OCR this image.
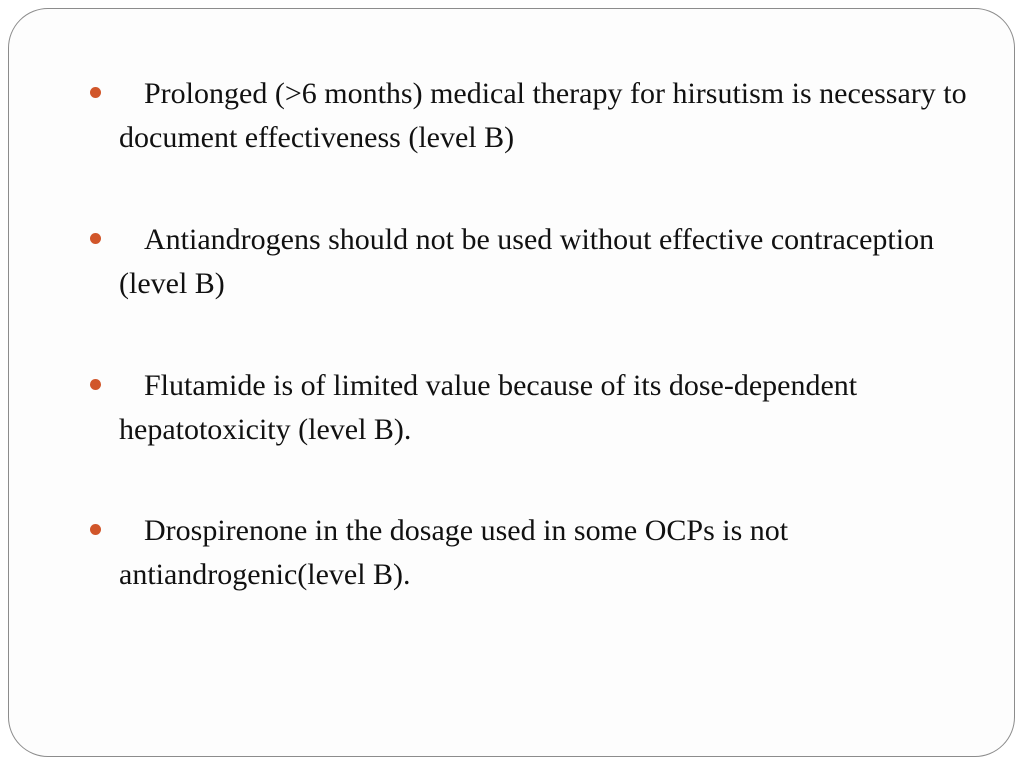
Prolonged (>6 months) medical therapy for hirsutism is necessary to document effectiveness (level B)
Antiandrogens should not be used without effective contraception (level B)
Flutamide is of limited value because of its dose-dependent hepatotoxicity (level B).
Drospirenone in the dosage used in some OCPs is not antiandrogenic(level B).
